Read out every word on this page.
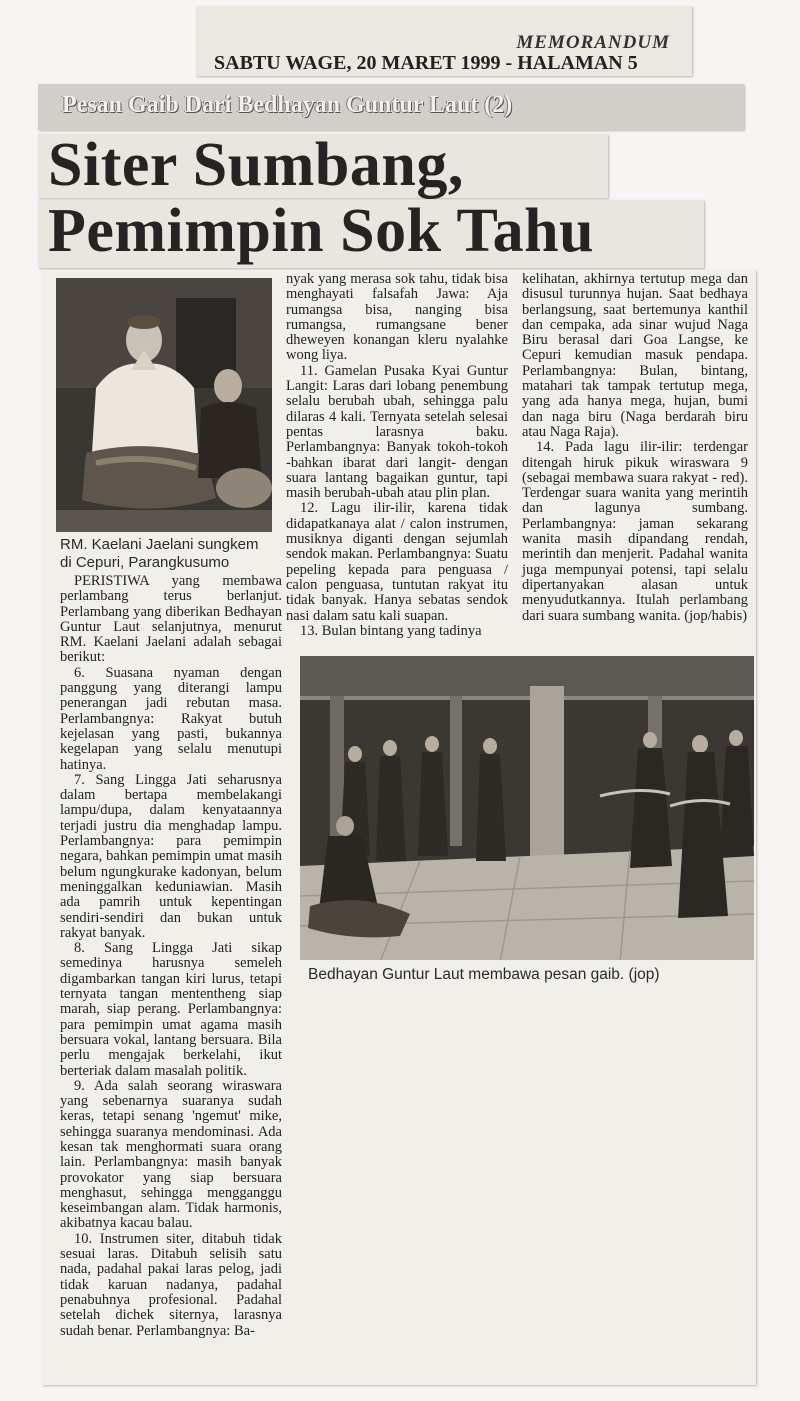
MEMORANDUM
SABTU WAGE, 20 MARET 1999 - HALAMAN 5
Pesan Gaib Dari Bedhayan Guntur Laut (2)
Siter Sumbang,
Pemimpin Sok Tahu
RM. Kaelani Jaelani sungkem
di Cepuri, Parangkusumo

PERISTIWA yang membawa perlambang terus berlanjut. Perlambang yang diberikan Bedhayan Guntur Laut selanjutnya, menurut RM. Kaelani Jaelani adalah sebagai berikut:

6. Suasana nyaman dengan panggung yang diterangi lampu penerangan jadi rebutan masa. Perlambangnya: Rakyat butuh kejelasan yang pasti, bukannya kegelapan yang selalu menutupi hatinya.

7. Sang Lingga Jati seharusnya dalam bertapa membelakangi lampu/dupa, dalam kenyataannya terjadi justru dia menghadap lampu. Perlambangnya: para pemimpin negara, bahkan pemimpin umat masih belum ngungkurake kadonyan, belum meninggalkan keduniawian. Masih ada pamrih untuk kepentingan sendiri-sendiri dan bukan untuk rakyat banyak.

8. Sang Lingga Jati sikap semedinya harusnya semeleh digambarkan tangan kiri lurus, tetapi ternyata tangan mententheng siap marah, siap perang. Perlambangnya: para pemimpin umat agama masih bersuara vokal, lantang bersuara. Bila perlu mengajak berkelahi, ikut berteriak dalam masalah politik.

9. Ada salah seorang wiraswara yang sebenarnya suaranya sudah keras, tetapi senang 'ngemut' mike, sehingga suaranya mendominasi. Ada kesan tak menghormati suara orang lain. Perlambangnya: masih banyak provokator yang siap bersuara menghasut, sehingga mengganggu keseimbangan alam. Tidak harmonis, akibatnya kacau balau.

10. Instrumen siter, ditabuh tidak sesuai laras. Ditabuh selisih satu nada, padahal pakai laras pelog, jadi tidak karuan nadanya, padahal penabuhnya profesional. Padahal setelah dichek siternya, larasnya sudah benar. Perlambangnya: Ba-

nyak yang merasa sok tahu, tidak bisa menghayati falsafah Jawa: Aja rumangsa bisa, nanging bisa rumangsa, rumangsane bener dheweyen konangan kleru nyalahke wong liya.

11. Gamelan Pusaka Kyai Guntur Langit: Laras dari lobang penembung selalu berubah ubah, sehingga palu dilaras 4 kali. Ternyata setelah selesai pentas larasnya baku. Perlambangnya: Banyak tokoh-tokoh -bahkan ibarat dari langit- dengan suara lantang bagaikan guntur, tapi masih berubah-ubah atau plin plan.

12. Lagu ilir-ilir, karena tidak didapatkanaya alat / calon instrumen, musiknya diganti dengan sejumlah sendok makan. Perlambangnya: Suatu pepeling kepada para penguasa / calon penguasa, tuntutan rakyat itu tidak banyak. Hanya sebatas sendok nasi dalam satu kali suapan.

13. Bulan bintang yang tadinya

kelihatan, akhirnya tertutup mega dan disusul turunnya hujan. Saat bedhaya berlangsung, saat bertemunya kanthil dan cempaka, ada sinar wujud Naga Biru berasal dari Goa Langse, ke Cepuri kemudian masuk pendapa. Perlambangnya: Bulan, bintang, matahari tak tampak tertutup mega, yang ada hanya mega, hujan, bumi dan naga biru (Naga berdarah biru atau Naga Raja).

14. Pada lagu ilir-ilir: terdengar ditengah hiruk pikuk wiraswara 9 (sebagai membawa suara rakyat - red). Terdengar suara wanita yang merintih dan lagunya sumbang. Perlambangnya: jaman sekarang wanita masih dipandang rendah, merintih dan menjerit. Padahal wanita juga mempunyai potensi, tapi selalu dipertanyakan alasan untuk menyudutkannya. Itulah perlambang dari suara sumbang wanita. (jop/habis)

Bedhayan Guntur Laut membawa pesan gaib. (jop)
